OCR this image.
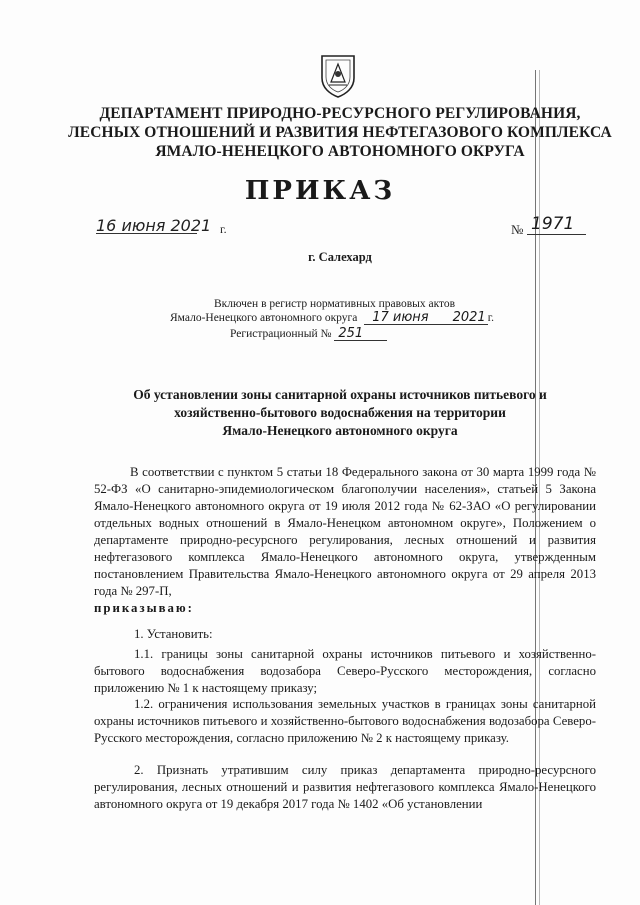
ДЕПАРТАМЕНТ ПРИРОДНО-РЕСУРСНОГО РЕГУЛИРОВАНИЯ,
ЛЕСНЫХ ОТНОШЕНИЙ И РАЗВИТИЯ НЕФТЕГАЗОВОГО КОМПЛЕКСА
ЯМАЛО-НЕНЕЦКОГО АВТОНОМНОГО ОКРУГА
ПРИКАЗ
16 июня 2021 г.	№ 1971
г. Салехард
Включен в регистр нормативных правовых актов
Ямало-Ненецкого автономного округа 17 июня 2021 г.
Регистрационный № 251
Об установлении зоны санитарной охраны источников питьевого и
хозяйственно-бытового водоснабжения на территории
Ямало-Ненецкого автономного округа
В соответствии с пунктом 5 статьи 18 Федерального закона от 30 марта 1999 года № 52-ФЗ «О санитарно-эпидемиологическом благополучии населения», статьей 5 Закона Ямало-Ненецкого автономного округа от 19 июля 2012 года № 62-ЗАО «О регулировании отдельных водных отношений в Ямало-Ненецком автономном округе», Положением о департаменте природно-ресурсного регулирования, лесных отношений и развития нефтегазового комплекса Ямало-Ненецкого автономного округа, утвержденным постановлением Правительства Ямало-Ненецкого автономного округа от 29 апреля 2013 года № 297-П,
приказываю:
1. Установить:
1.1. границы зоны санитарной охраны источников питьевого и хозяйственно-бытового водоснабжения водозабора Северо-Русского месторождения, согласно приложению № 1 к настоящему приказу;
1.2. ограничения использования земельных участков в границах зоны санитарной охраны источников питьевого и хозяйственно-бытового водоснабжения водозабора Северо-Русского месторождения, согласно приложению № 2 к настоящему приказу.
2. Признать утратившим силу приказ департамента природно-ресурсного регулирования, лесных отношений и развития нефтегазового комплекса Ямало-Ненецкого автономного округа от 19 декабря 2017 года № 1402 «Об установлении
